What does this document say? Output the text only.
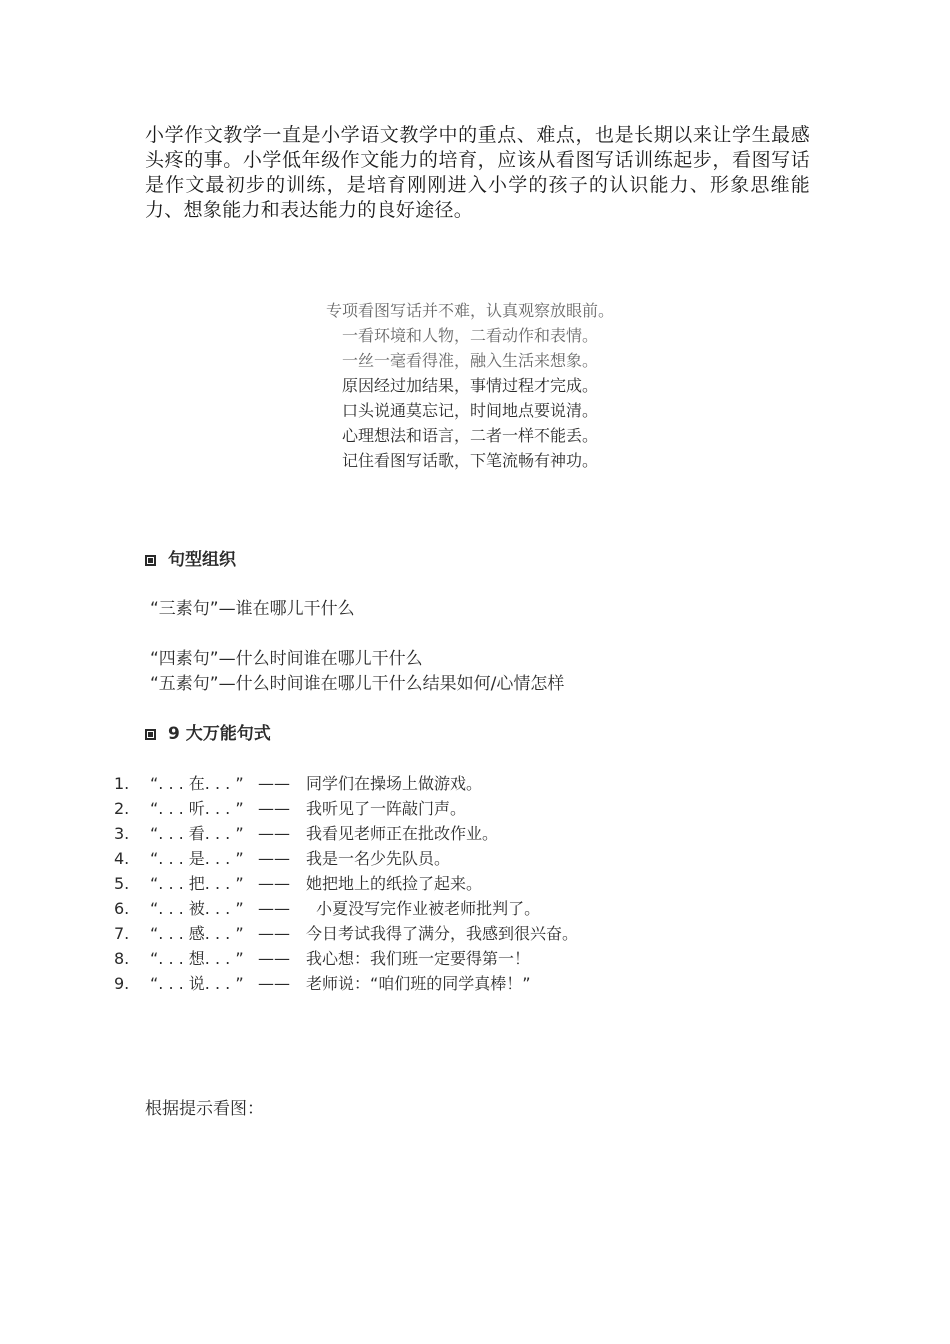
小学作文教学一直是小学语文教学中的重点、难点，也是长期以来让学生最感头疼的事。小学低年级作文能力的培育，应该从看图写话训练起步，看图写话是作文最初步的训练，是培育刚刚进入小学的孩子的认识能力、形象思维能力、想象能力和表达能力的良好途径。

专项看图写话并不难，认真观察放眼前。
一看环境和人物，二看动作和表情。
一丝一毫看得准，融入生活来想象。
原因经过加结果，事情过程才完成。
口头说通莫忘记，时间地点要说清。
心理想法和语言，二者一样不能丢。
记住看图写话歌，下笔流畅有神功。
句型组织

“三素句”—谁在哪儿干什么

“四素句”—什么时间谁在哪儿干什么

“五素句”—什么时间谁在哪儿干什么结果如何/心情怎样

9 大万能句式
1. “. . . 在. . . ” —— 同学们在操场上做游戏。
2. “. . . 听. . . ” —— 我听见了一阵敲门声。
3. “. . . 看. . . ” —— 我看见老师正在批改作业。
4. “. . . 是. . . ” —— 我是一名少先队员。
5. “. . . 把. . . ” —— 她把地上的纸捡了起来。
6. “. . . 被. . . ” —— 小夏没写完作业被老师批判了。
7. “. . . 感. . . ” —— 今日考试我得了满分，我感到很兴奋。
8. “. . . 想. . . ” —— 我心想：我们班一定要得第一！
9. “. . . 说. . . ” —— 老师说：“咱们班的同学真棒！”

根据提示看图：
